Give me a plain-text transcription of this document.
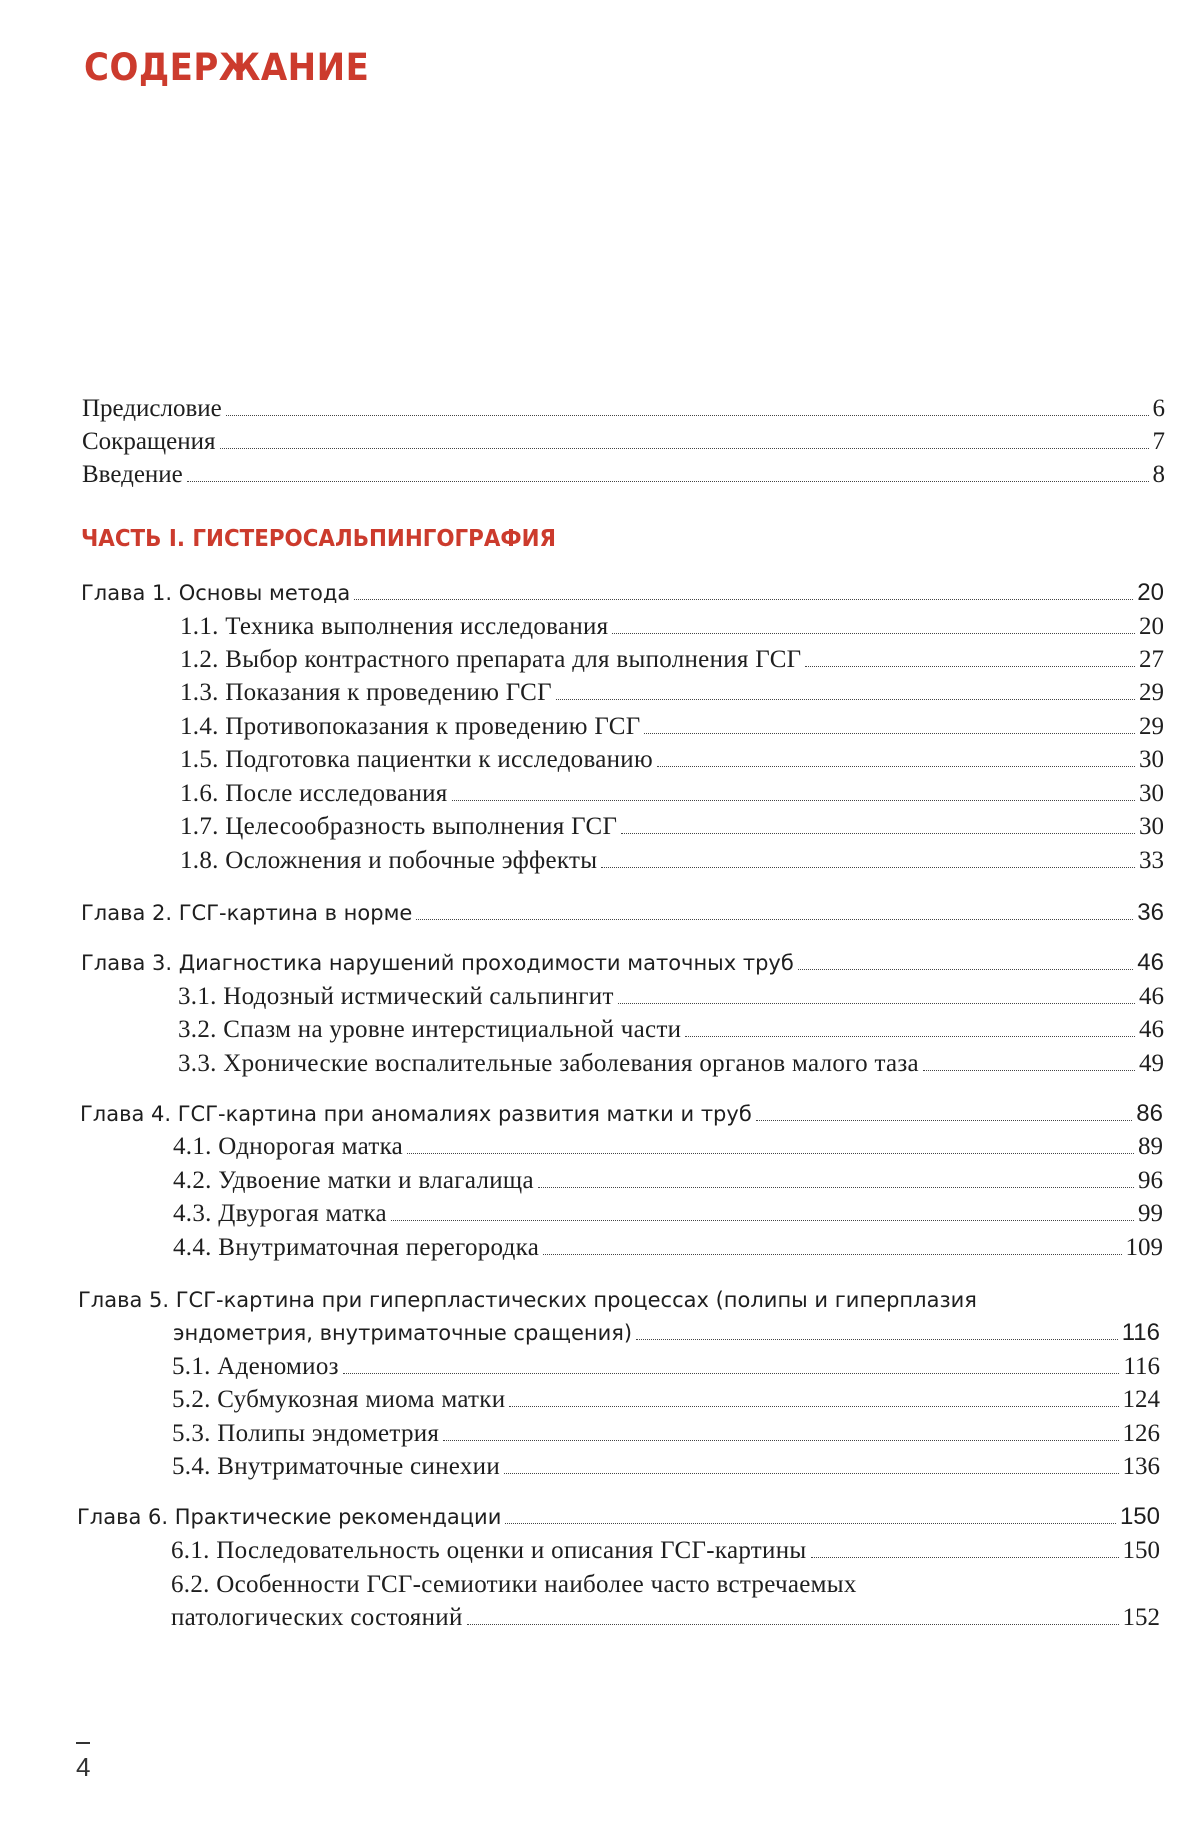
СОДЕРЖАНИЕ
Предисловие	6
Сокращения	7
Введение	8
ЧАСТЬ I. ГИСТЕРОСАЛЬПИНГОГРАФИЯ
Глава 1. Основы метода	20
1.1. Техника выполнения исследования	20
1.2. Выбор контрастного препарата для выполнения ГСГ	27
1.3. Показания к проведению ГСГ	29
1.4. Противопоказания к проведению ГСГ	29
1.5. Подготовка пациентки к исследованию	30
1.6. После исследования	30
1.7. Целесообразность выполнения ГСГ	30
1.8. Осложнения и побочные эффекты	33
Глава 2. ГСГ-картина в норме	36
Глава 3. Диагностика нарушений проходимости маточных труб	46
3.1. Нодозный истмический сальпингит	46
3.2. Спазм на уровне интерстициальной части	46
3.3. Хронические воспалительные заболевания органов малого таза	49
Глава 4. ГСГ-картина при аномалиях развития матки и труб	86
4.1. Однорогая матка	89
4.2. Удвоение матки и влагалища	96
4.3. Двурогая матка	99
4.4. Внутриматочная перегородка	109
Глава 5. ГСГ-картина при гиперпластических процессах (полипы и гиперплазия
эндометрия, внутриматочные сращения)	116
5.1. Аденомиоз	116
5.2. Субмукозная миома матки	124
5.3. Полипы эндометрия	126
5.4. Внутриматочные синехии	136
Глава 6. Практические рекомендации	150
6.1. Последовательность оценки и описания ГСГ-картины	150
6.2. Особенности ГСГ-семиотики наиболее часто встречаемых
патологических состояний	152
4
